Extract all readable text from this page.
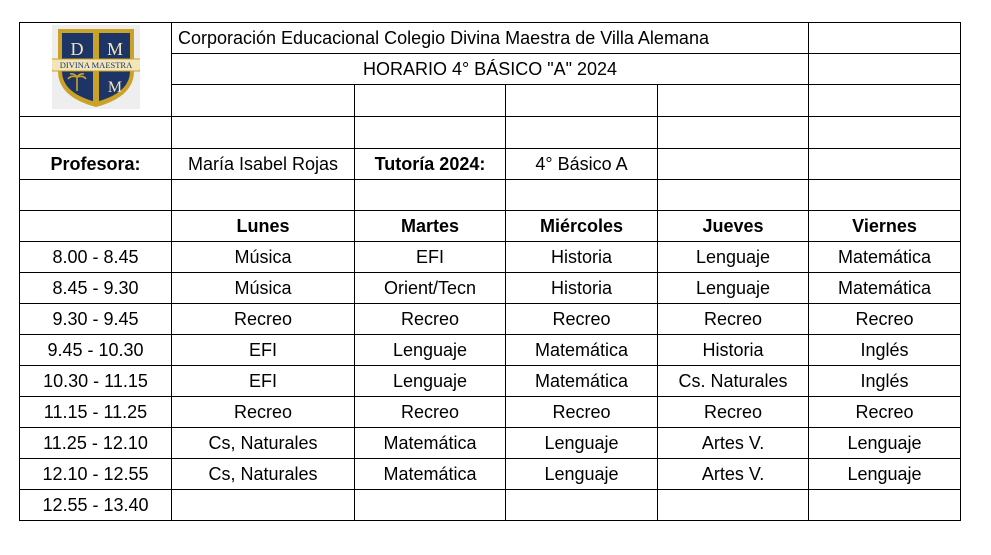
D M
DIVINA MAESTRA
M	Corporación Educacional Colegio Divina Maestra de Villa Alemana				
	HORARIO 4° BÁSICO "A" 2024				

Profesora:	María Isabel Rojas	Tutoría 2024:	4° Básico A		

	Lunes	Martes	Miércoles	Jueves	Viernes
8.00 - 8.45	Música	EFI	Historia	Lenguaje	Matemática
8.45 - 9.30	Música	Orient/Tecn	Historia	Lenguaje	Matemática
9.30 - 9.45	Recreo	Recreo	Recreo	Recreo	Recreo
9.45 - 10.30	EFI	Lenguaje	Matemática	Historia	Inglés
10.30 - 11.15	EFI	Lenguaje	Matemática	Cs. Naturales	Inglés
11.15 - 11.25	Recreo	Recreo	Recreo	Recreo	Recreo
11.25 - 12.10	Cs, Naturales	Matemática	Lenguaje	Artes V.	Lenguaje
12.10 - 12.55	Cs, Naturales	Matemática	Lenguaje	Artes V.	Lenguaje
12.55 - 13.40					
